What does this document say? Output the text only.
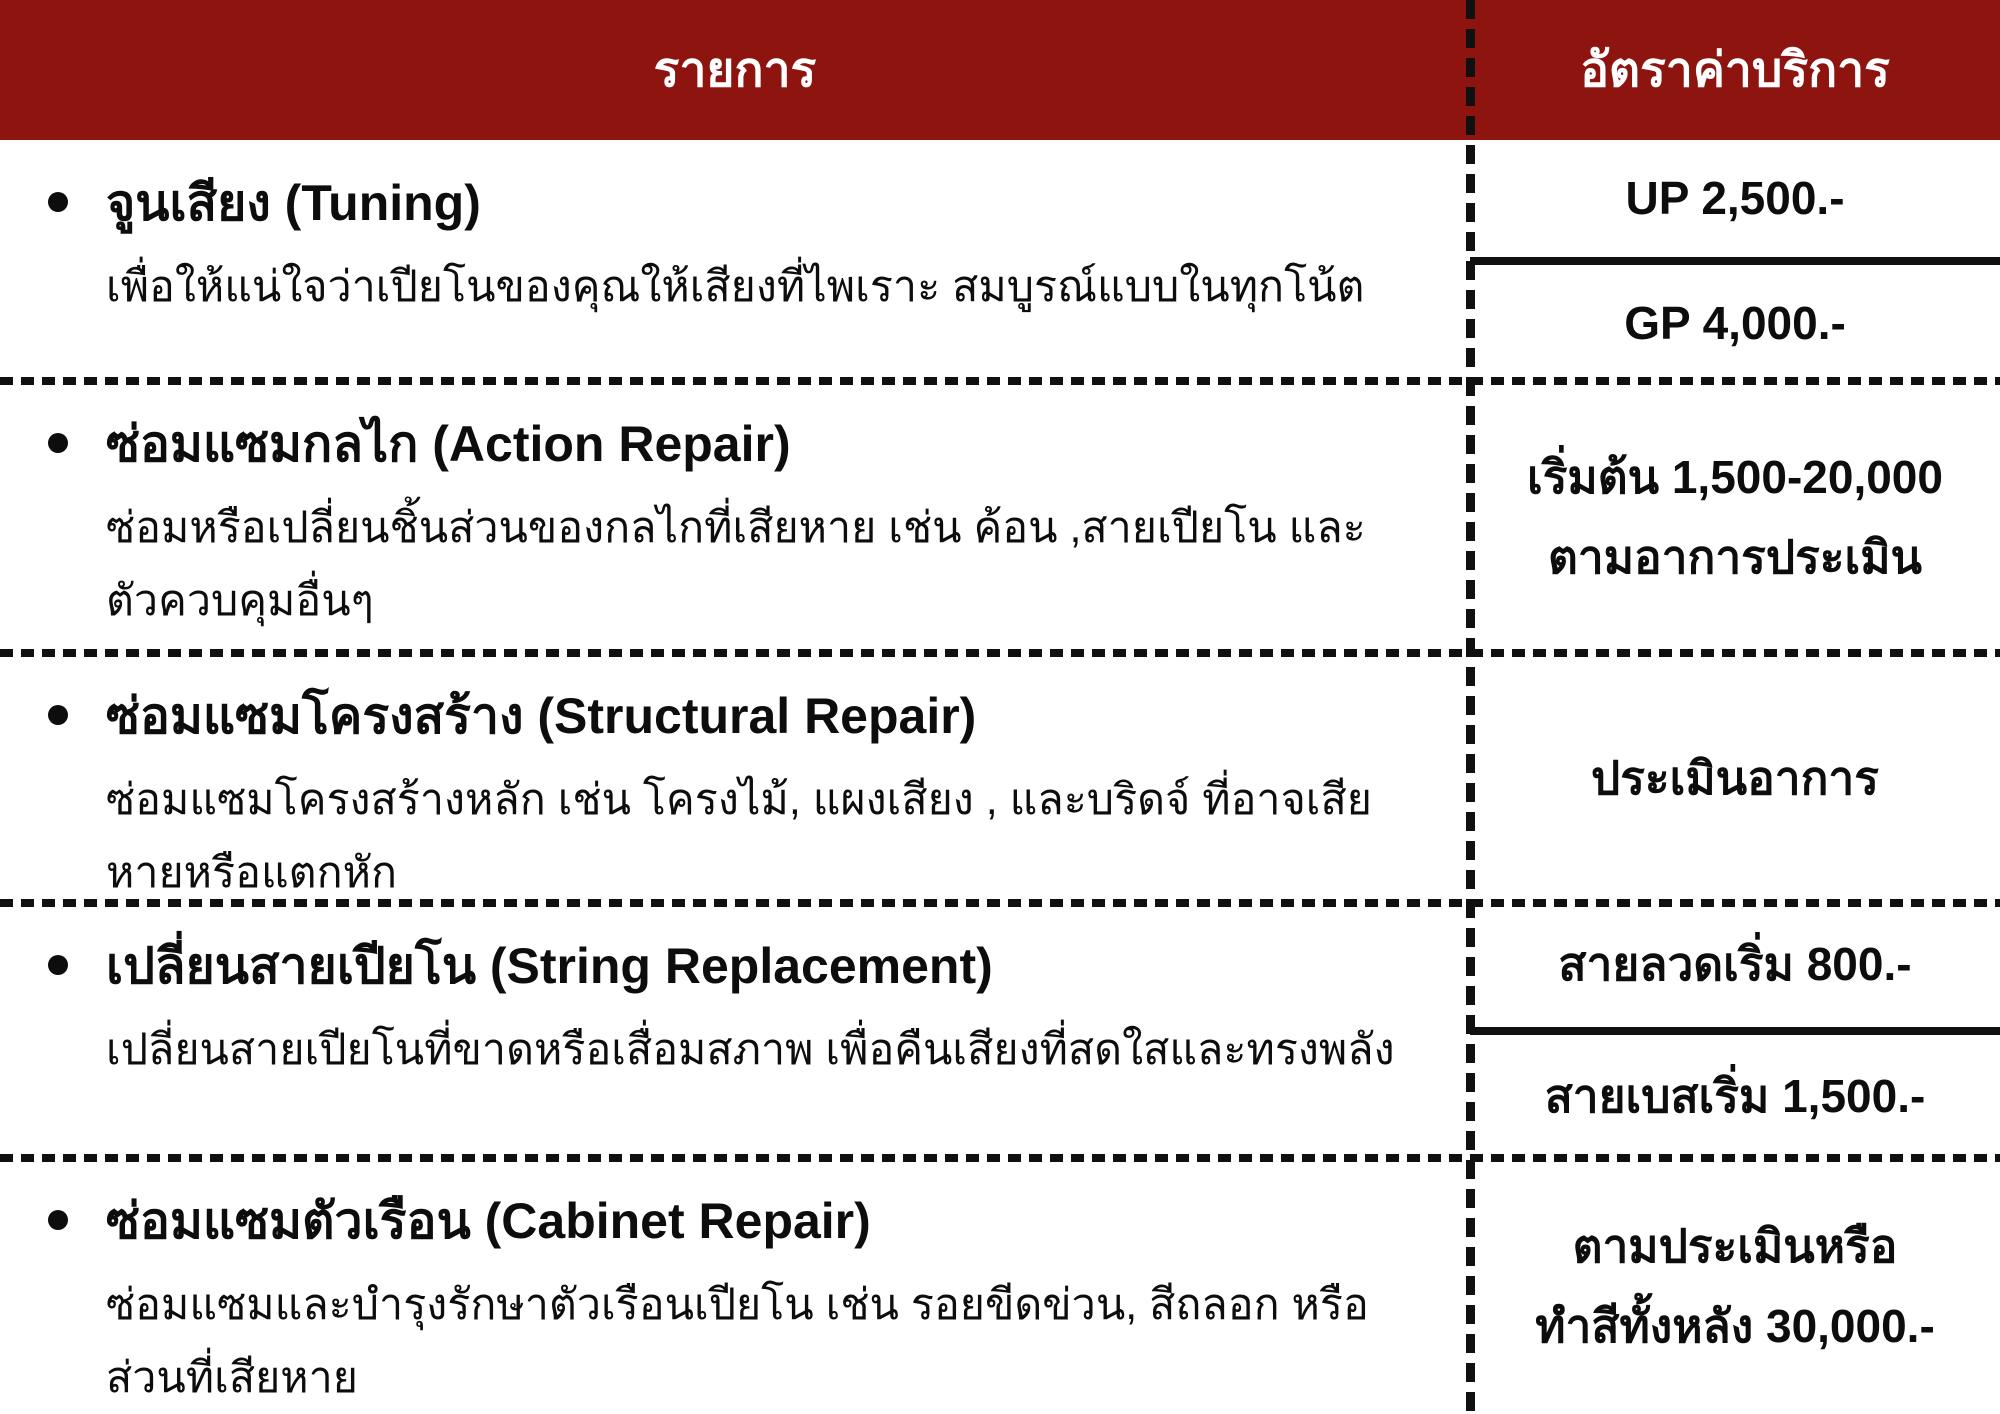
รายการ	อัตราค่าบริการ
จูนเสียง (Tuning)
เพื่อให้แน่ใจว่าเปียโนของคุณให้เสียงที่ไพเราะ สมบูรณ์แบบในทุกโน้ต
UP 2,500.-
GP 4,000.-
ซ่อมแซมกลไก (Action Repair)
ซ่อมหรือเปลี่ยนชิ้นส่วนของกลไกที่เสียหาย เช่น ค้อน ,สายเปียโน และ ตัวควบคุมอื่นๆ
เริ่มต้น 1,500-20,000
ตามอาการประเมิน
ซ่อมแซมโครงสร้าง (Structural Repair)
ซ่อมแซมโครงสร้างหลัก เช่น โครงไม้, แผงเสียง , และบริดจ์ ที่อาจเสียหายหรือแตกหัก
ประเมินอาการ
เปลี่ยนสายเปียโน (String Replacement)
เปลี่ยนสายเปียโนที่ขาดหรือเสื่อมสภาพ เพื่อคืนเสียงที่สดใสและทรงพลัง
สายลวดเริ่ม 800.-
สายเบสเริ่ม 1,500.-
ซ่อมแซมตัวเรือน (Cabinet Repair)
ซ่อมแซมและบำรุงรักษาตัวเรือนเปียโน เช่น รอยขีดข่วน, สีถลอก หรือ ส่วนที่เสียหาย
ตามประเมินหรือ
ทำสีทั้งหลัง 30,000.-
